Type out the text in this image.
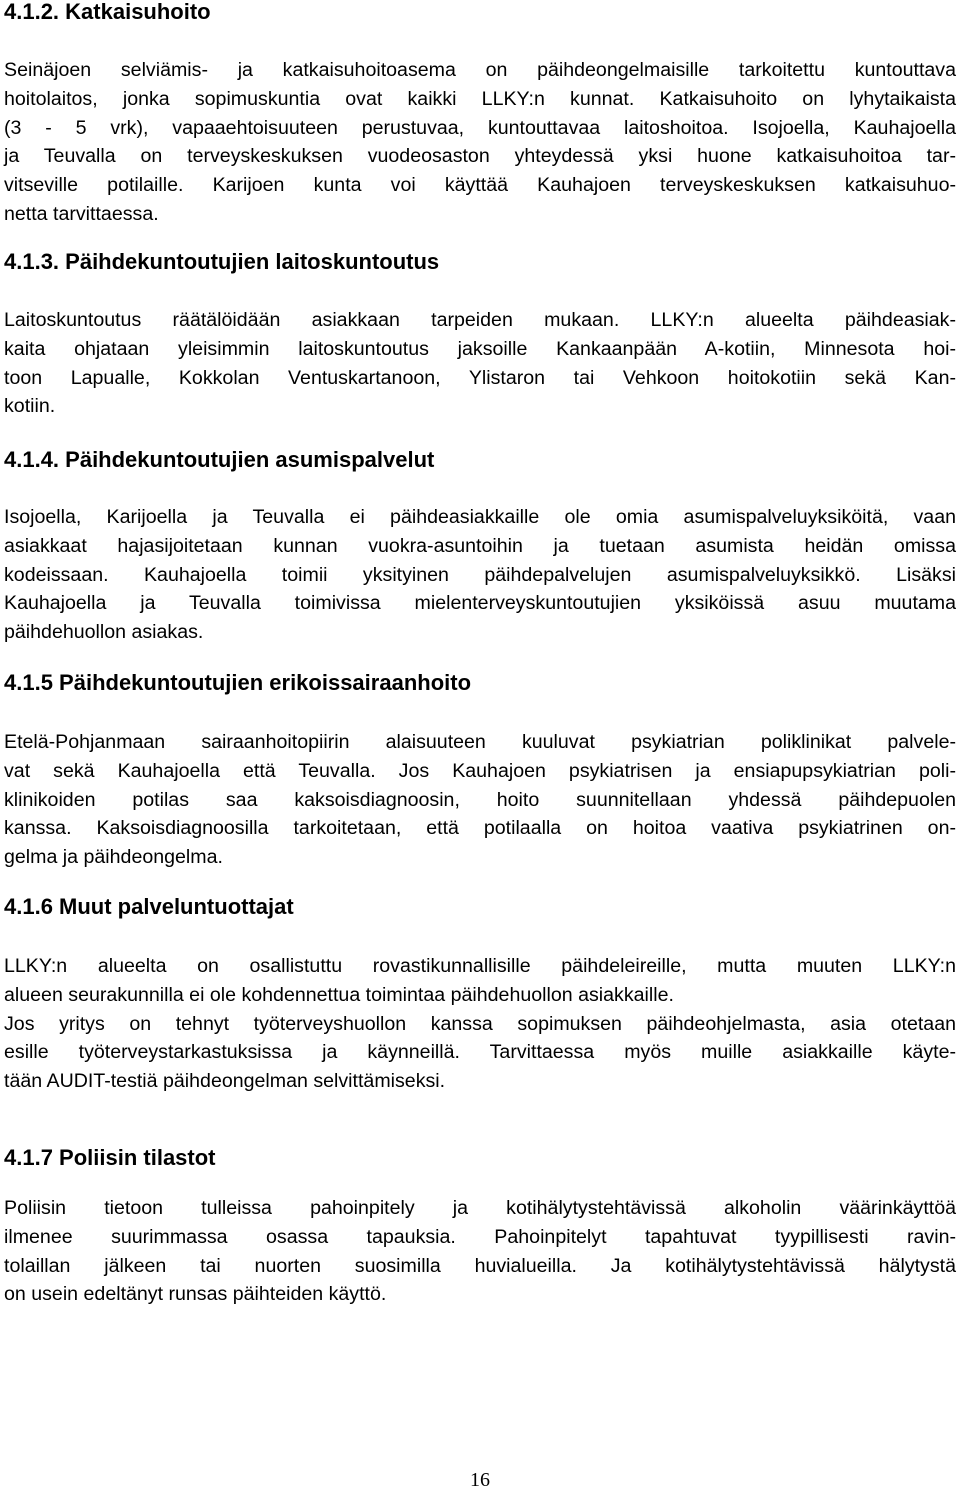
4.1.2. Katkaisuhoito
Seinäjoen selviämis- ja katkaisuhoitoasema on päihdeongelmaisille tarkoitettu kuntouttava
hoitolaitos, jonka sopimuskuntia ovat kaikki LLKY:n kunnat. Katkaisuhoito on lyhytaikaista
(3 - 5 vrk), vapaaehtoisuuteen perustuvaa, kuntouttavaa laitoshoitoa. Isojoella, Kauhajoella
ja Teuvalla on terveyskeskuksen vuodeosaston yhteydessä yksi huone katkaisuhoitoa tar-
vitseville potilaille. Karijoen kunta voi käyttää Kauhajoen terveyskeskuksen katkaisuhuo-
netta tarvittaessa.
4.1.3. Päihdekuntoutujien laitoskuntoutus
Laitoskuntoutus räätälöidään asiakkaan tarpeiden mukaan. LLKY:n alueelta päihdeasiak-
kaita ohjataan yleisimmin laitoskuntoutus jaksoille Kankaanpään A-kotiin, Minnesota hoi-
toon Lapualle, Kokkolan Ventuskartanoon, Ylistaron tai Vehkoon hoitokotiin sekä Kan-
kotiin.
4.1.4. Päihdekuntoutujien asumispalvelut
Isojoella, Karijoella ja Teuvalla ei päihdeasiakkaille ole omia asumispalveluyksiköitä, vaan
asiakkaat hajasijoitetaan kunnan vuokra-asuntoihin ja tuetaan asumista heidän omissa
kodeissaan. Kauhajoella toimii yksityinen päihdepalvelujen asumispalveluyksikkö. Lisäksi
Kauhajoella ja Teuvalla toimivissa mielenterveyskuntoutujien yksiköissä asuu muutama
päihdehuollon asiakas.
4.1.5 Päihdekuntoutujien erikoissairaanhoito
Etelä-Pohjanmaan sairaanhoitopiirin alaisuuteen kuuluvat psykiatrian poliklinikat palvele-
vat sekä Kauhajoella että Teuvalla. Jos Kauhajoen psykiatrisen ja ensiapupsykiatrian poli-
klinikoiden potilas saa kaksoisdiagnoosin, hoito suunnitellaan yhdessä päihdepuolen
kanssa. Kaksoisdiagnoosilla tarkoitetaan, että potilaalla on hoitoa vaativa psykiatrinen on-
gelma ja päihdeongelma.
4.1.6 Muut palveluntuottajat
LLKY:n alueelta on osallistuttu rovastikunnallisille päihdeleireille, mutta muuten LLKY:n
alueen seurakunnilla ei ole kohdennettua toimintaa päihdehuollon asiakkaille.
Jos yritys on tehnyt työterveyshuollon kanssa sopimuksen päihdeohjelmasta, asia otetaan
esille työterveystarkastuksissa ja käynneillä. Tarvittaessa myös muille asiakkaille käyte-
tään AUDIT-testiä päihdeongelman selvittämiseksi.
4.1.7 Poliisin tilastot
Poliisin tietoon tulleissa pahoinpitely ja kotihälytystehtävissä alkoholin väärinkäyttöä
ilmenee suurimmassa osassa tapauksia. Pahoinpitelyt tapahtuvat tyypillisesti ravin-
tolaillan jälkeen tai nuorten suosimilla huvialueilla. Ja kotihälytystehtävissä hälytystä
on usein edeltänyt runsas päihteiden käyttö.
16
